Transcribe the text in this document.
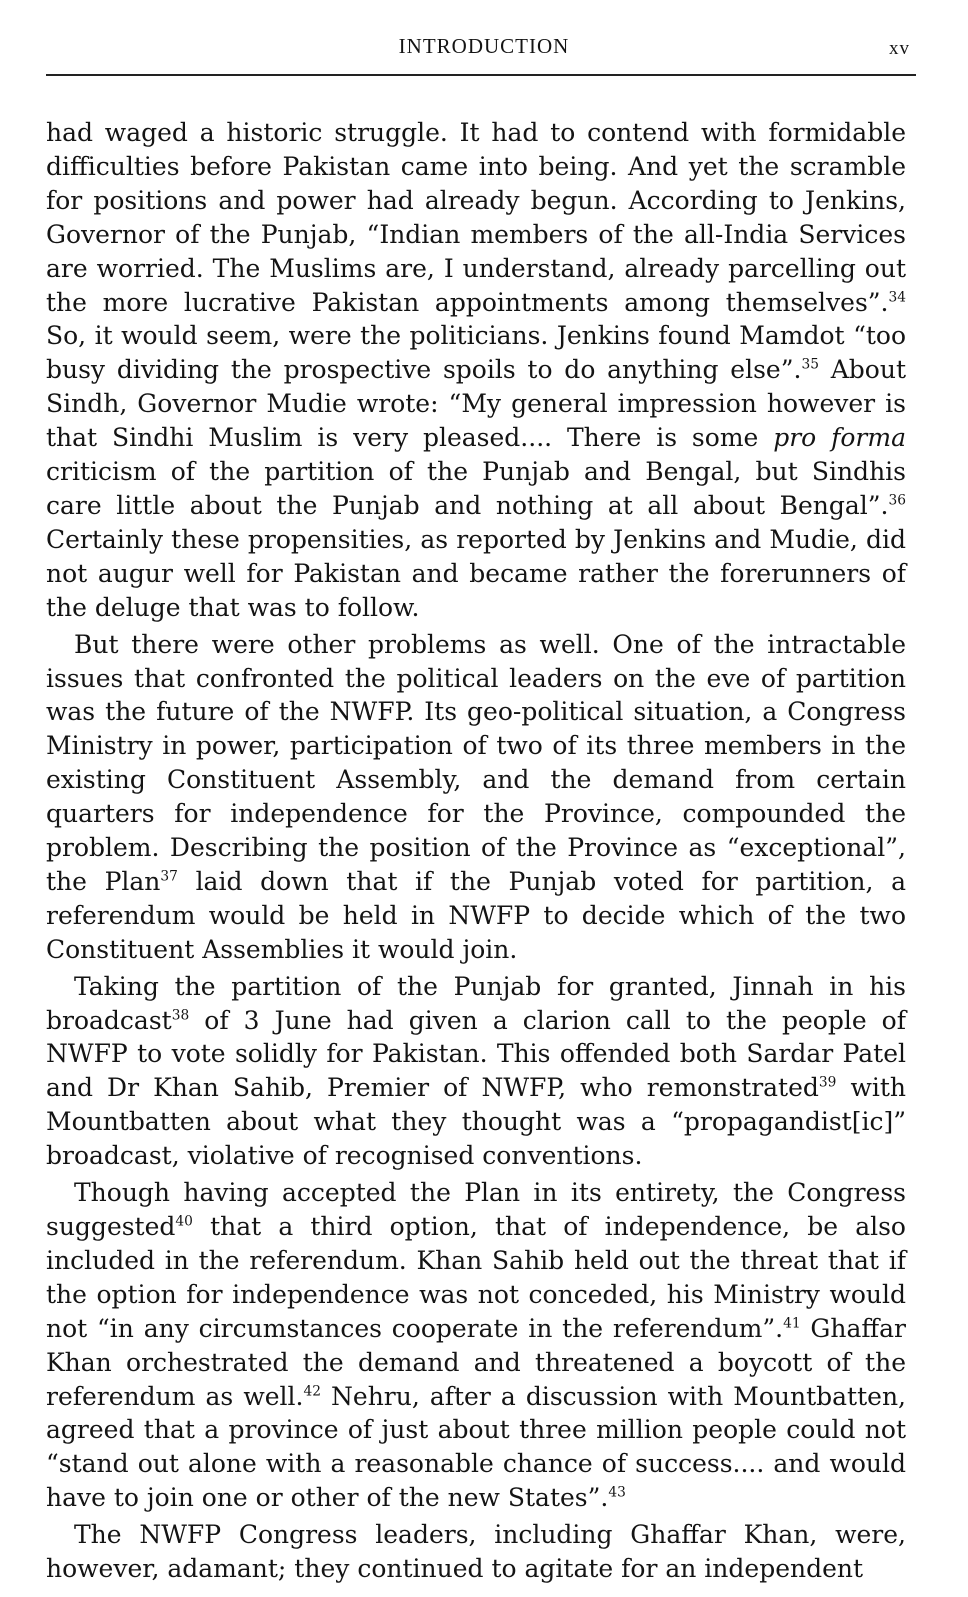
INTRODUCTION	xv

had waged a historic struggle. It had to contend with formidable difficulties before Pakistan came into being. And yet the scramble for positions and power had already begun. According to Jenkins, Governor of the Punjab, “Indian members of the all-India Services are worried. The Muslims are, I understand, already parcelling out the more lucrative Pakistan appointments among themselves”.$^{34}$ So, it would seem, were the politicians. Jenkins found Mamdot “too busy dividing the prospective spoils to do anything else”.$^{35}$ About Sindh, Governor Mudie wrote: “My general impression however is that Sindhi Muslim is very pleased.... There is some pro forma criticism of the partition of the Punjab and Bengal, but Sindhis care little about the Punjab and nothing at all about Bengal”.$^{36}$ Certainly these propensities, as reported by Jenkins and Mudie, did not augur well for Pakistan and became rather the forerunners of the deluge that was to follow.

But there were other problems as well. One of the intractable issues that confronted the political leaders on the eve of partition was the future of the NWFP. Its geo-political situation, a Congress Ministry in power, participation of two of its three members in the existing Constituent Assembly, and the demand from certain quarters for independence for the Province, compounded the problem. Describing the position of the Province as “exceptional”, the Plan$^{37}$ laid down that if the Punjab voted for partition, a referendum would be held in NWFP to decide which of the two Constituent Assemblies it would join.

Taking the partition of the Punjab for granted, Jinnah in his broadcast$^{38}$ of 3 June had given a clarion call to the people of NWFP to vote solidly for Pakistan. This offended both Sardar Patel and Dr Khan Sahib, Premier of NWFP, who remonstrated$^{39}$ with Mountbatten about what they thought was a “propagandist[ic]” broadcast, violative of recognised conventions.

Though having accepted the Plan in its entirety, the Congress suggested$^{40}$ that a third option, that of independence, be also included in the referendum. Khan Sahib held out the threat that if the option for independence was not conceded, his Ministry would not “in any circumstances cooperate in the referendum”.$^{41}$ Ghaffar Khan orchestrated the demand and threatened a boycott of the referendum as well.$^{42}$ Nehru, after a discussion with Mountbatten, agreed that a province of just about three million people could not “stand out alone with a reasonable chance of success.... and would have to join one or other of the new States”.$^{43}$

The NWFP Congress leaders, including Ghaffar Khan, were, however, adamant; they continued to agitate for an independent
